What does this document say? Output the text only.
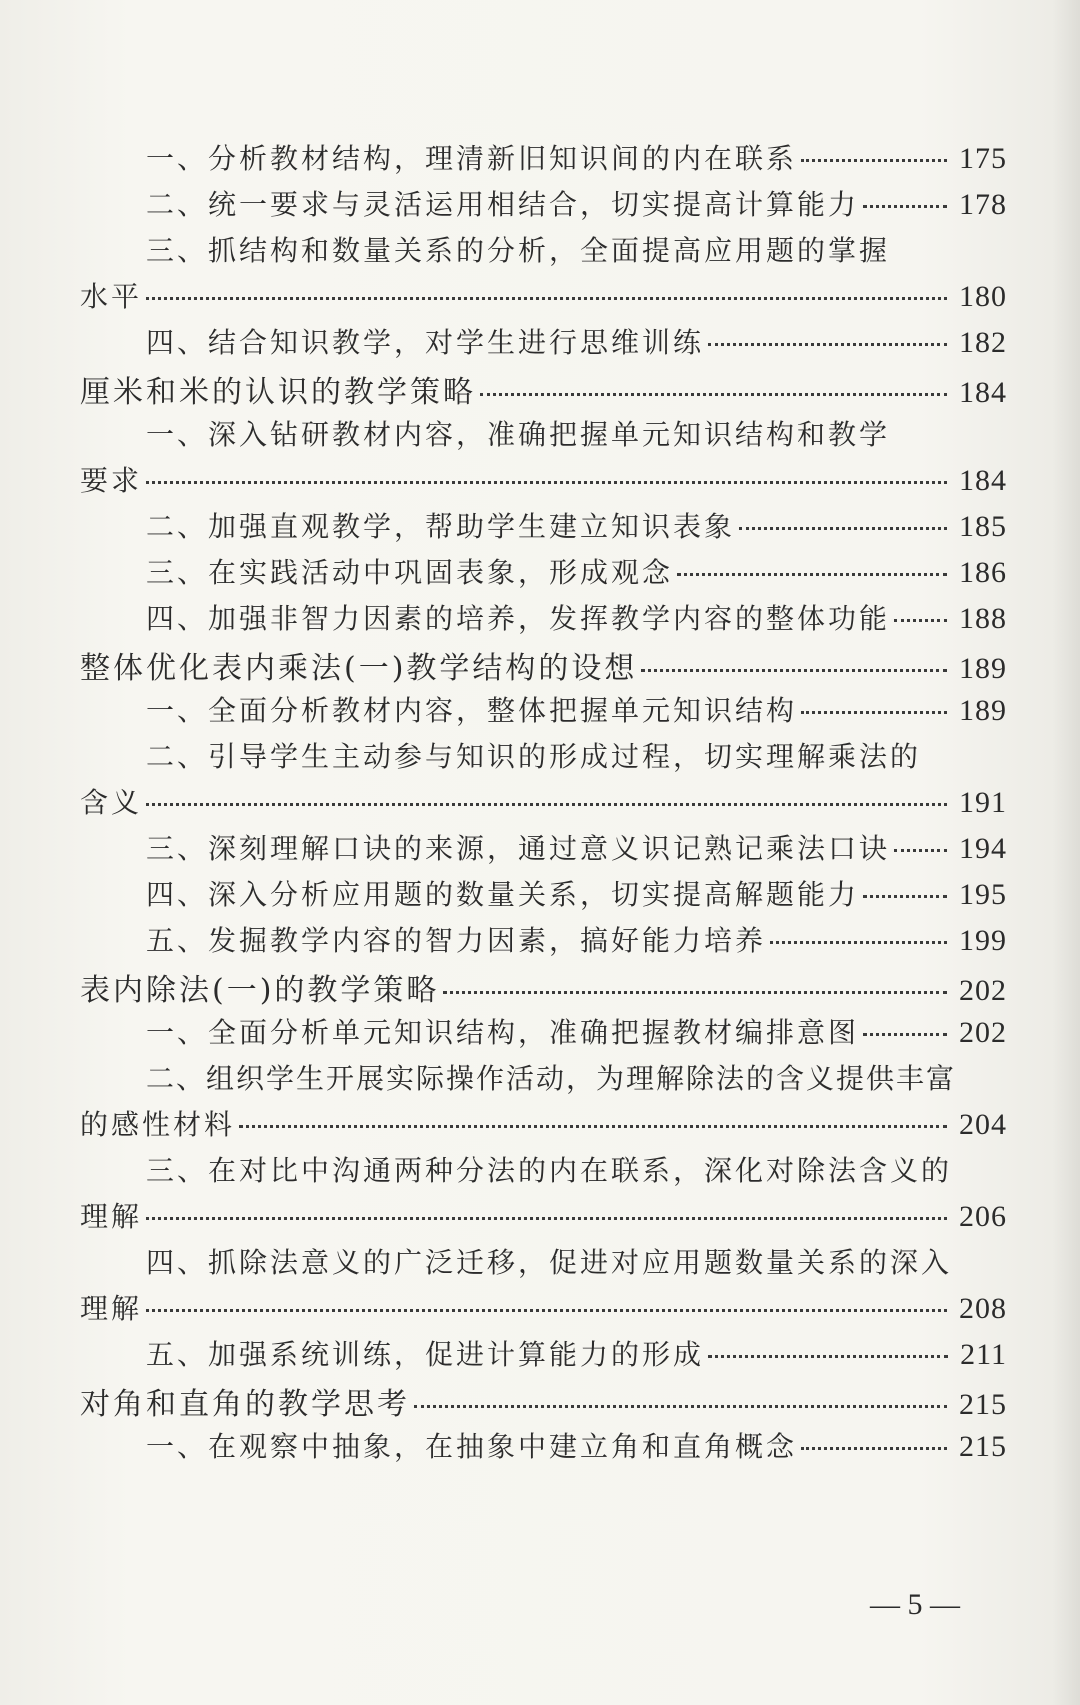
一、分析教材结构，理清新旧知识间的内在联系	175
二、统一要求与灵活运用相结合，切实提高计算能力	178
三、抓结构和数量关系的分析，全面提高应用题的掌握
水平	180
四、结合知识教学，对学生进行思维训练	182
厘米和米的认识的教学策略	184
一、深入钻研教材内容，准确把握单元知识结构和教学
要求	184
二、加强直观教学，帮助学生建立知识表象	185
三、在实践活动中巩固表象，形成观念	186
四、加强非智力因素的培养，发挥教学内容的整体功能 188
整体优化表内乘法(一)教学结构的设想	189
一、全面分析教材内容，整体把握单元知识结构	189
二、引导学生主动参与知识的形成过程，切实理解乘法的
含义	191
三、深刻理解口诀的来源，通过意义识记熟记乘法口诀 194
四、深入分析应用题的数量关系，切实提高解题能力	195
五、发掘教学内容的智力因素，搞好能力培养	199
表内除法(一)的教学策略	202
一、全面分析单元知识结构，准确把握教材编排意图	202
二、组织学生开展实际操作活动，为理解除法的含义提供丰富
的感性材料	204
三、在对比中沟通两种分法的内在联系，深化对除法含义的
理解	206
四、抓除法意义的广泛迁移，促进对应用题数量关系的深入
理解	208
五、加强系统训练，促进计算能力的形成	211
对角和直角的教学思考	215
一、在观察中抽象，在抽象中建立角和直角概念	215
— 5 —
